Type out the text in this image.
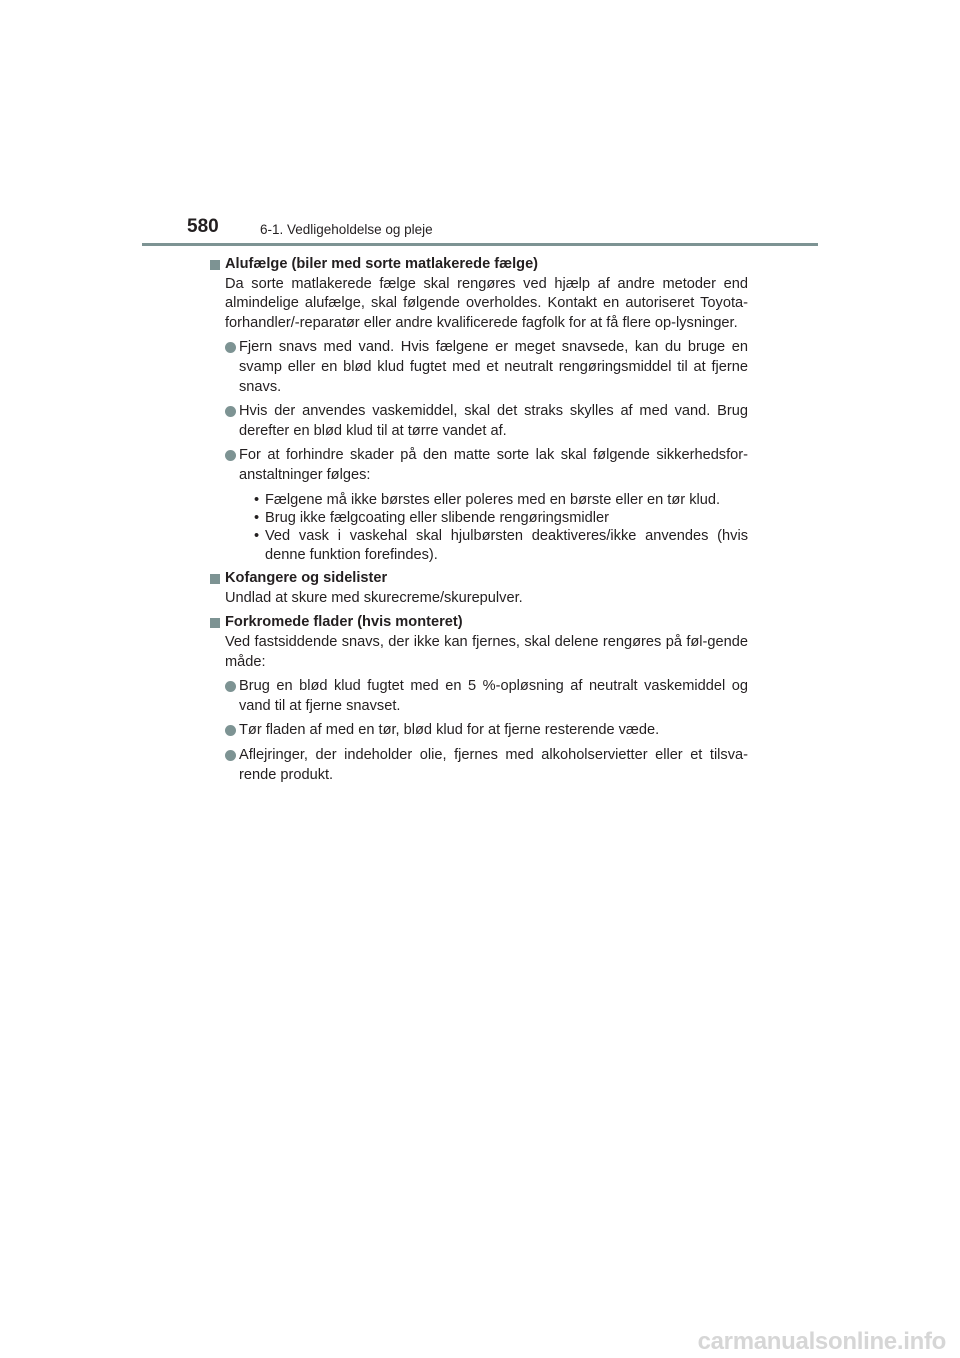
580	6-1. Vedligeholdelse og pleje
Alufælge (biler med sorte matlakerede fælge)
Da sorte matlakerede fælge skal rengøres ved hjælp af andre metoder end almindelige alufælge, skal følgende overholdes. Kontakt en autoriseret Toyota-forhandler/-reparatør eller andre kvalificerede fagfolk for at få flere op-lysninger.
Fjern snavs med vand. Hvis fælgene er meget snavsede, kan du bruge en svamp eller en blød klud fugtet med et neutralt rengøringsmiddel til at fjerne snavs.
Hvis der anvendes vaskemiddel, skal det straks skylles af med vand. Brug derefter en blød klud til at tørre vandet af.
For at forhindre skader på den matte sorte lak skal følgende sikkerhedsfor-anstaltninger følges:
• Fælgene må ikke børstes eller poleres med en børste eller en tør klud.
• Brug ikke fælgcoating eller slibende rengøringsmidler
• Ved vask i vaskehal skal hjulbørsten deaktiveres/ikke anvendes (hvis denne funktion forefindes).
Kofangere og sidelister
Undlad at skure med skurecreme/skurepulver.
Forkromede flader (hvis monteret)
Ved fastsiddende snavs, der ikke kan fjernes, skal delene rengøres på føl-gende måde:
Brug en blød klud fugtet med en 5 %-opløsning af neutralt vaskemiddel og vand til at fjerne snavset.
Tør fladen af med en tør, blød klud for at fjerne resterende væde.
Aflejringer, der indeholder olie, fjernes med alkoholservietter eller et tilsva-rende produkt.
carmanualsonline.info
